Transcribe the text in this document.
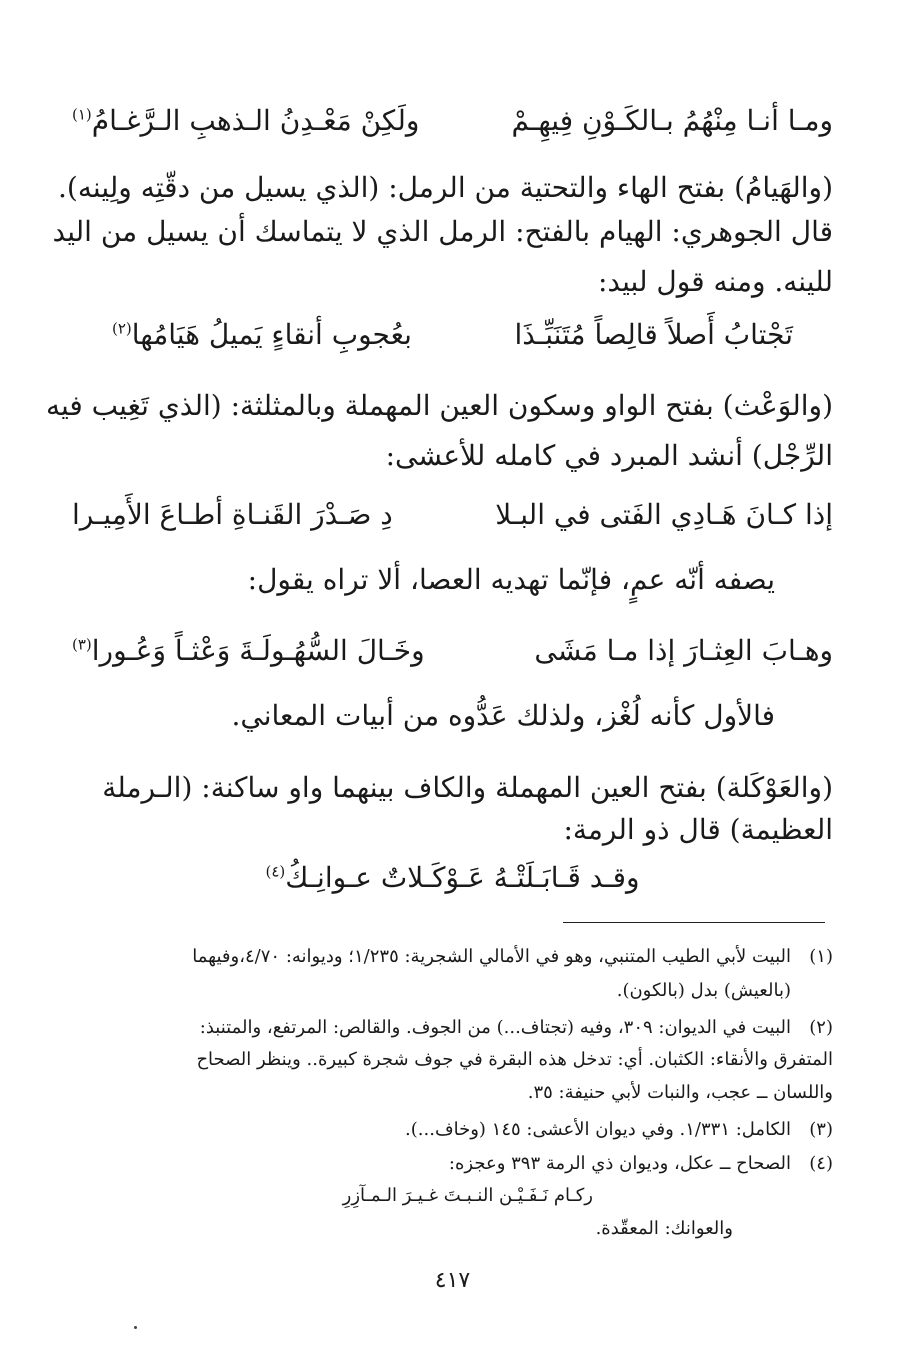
ومـا أنـا مِنْهُمُ بـالكَـوْنِ فِيهِـمْ
ولَكِنْ مَعْـدِنُ الـذهبِ الـرَّغـامُ$^{(١)}$
(والهَيامُ) بفتح الهاء والتحتية من الرمل: (الذي يسيل من دقّتِه ولِينه).
قال الجوهري: الهيام بالفتح: الرمل الذي لا يتماسك أن يسيل من اليد
للينه. ومنه قول لبيد:
تَجْتابُ أَصلاً قالِصاً مُتَنَبِّـذَا
بعُجوبِ أنقاءٍ يَميلُ هَيَامُها$^{(٢)}$
(والوَعْث) بفتح الواو وسكون العين المهملة وبالمثلثة: (الذي تَغِيب فيه
الرِّجْل) أنشد المبرد في كامله للأعشى:
إذا كـانَ هَـادِي الفَتى في البـلا
دِ صَـدْرَ القَنـاةِ أطـاعَ الأَمِيـرا
يصفه أنّه عمٍ، فإنّما تهديه العصا، ألا تراه يقول:
وهـابَ العِثـارَ إذا مـا مَشَى
وخَـالَ السُّهُـولَـةَ وَعْثـاً وَعُـورا$^{(٣)}$
فالأول كأنه لُغْز، ولذلك عَدُّوه من أبيات المعاني.
(والعَوْكَلة) بفتح العين المهملة والكاف بينهما واو ساكنة: (الـرملة
العظيمة) قال ذو الرمة:
وقـد قَـابَـلَتْـهُ عَـوْكَـلاتٌ عـوانِـكُ$^{(٤)}$
(١)
البيت لأبي الطيب المتنبي، وهو في الأمالي الشجرية: ١/٢٣٥؛ وديوانه: ٤/٧٠،وفيهما
(بالعيش) بدل (بالكون).
(٢)
البيت في الديوان: ٣٠٩، وفيه (تجتاف...) من الجوف. والقالص: المرتفع، والمتنبذ:
المتفرق والأنقاء: الكثبان. أي: تدخل هذه البقرة في جوف شجرة كبيرة.. وينظر الصحاح
واللسان ــ عجب، والنبات لأبي حنيفة: ٣٥.
(٣)
الكامل: ١/٣٣١. وفي ديوان الأعشى: ١٤٥ (وخاف...).
(٤)
الصحاح ــ عكل، وديوان ذي الرمة ٣٩٣ وعجزه:
ركـام نَـفَـيْـن النـبـتَ غـيـرَ الـمـآزِرِ
والعوانك: المعقّدة.
٤١٧
